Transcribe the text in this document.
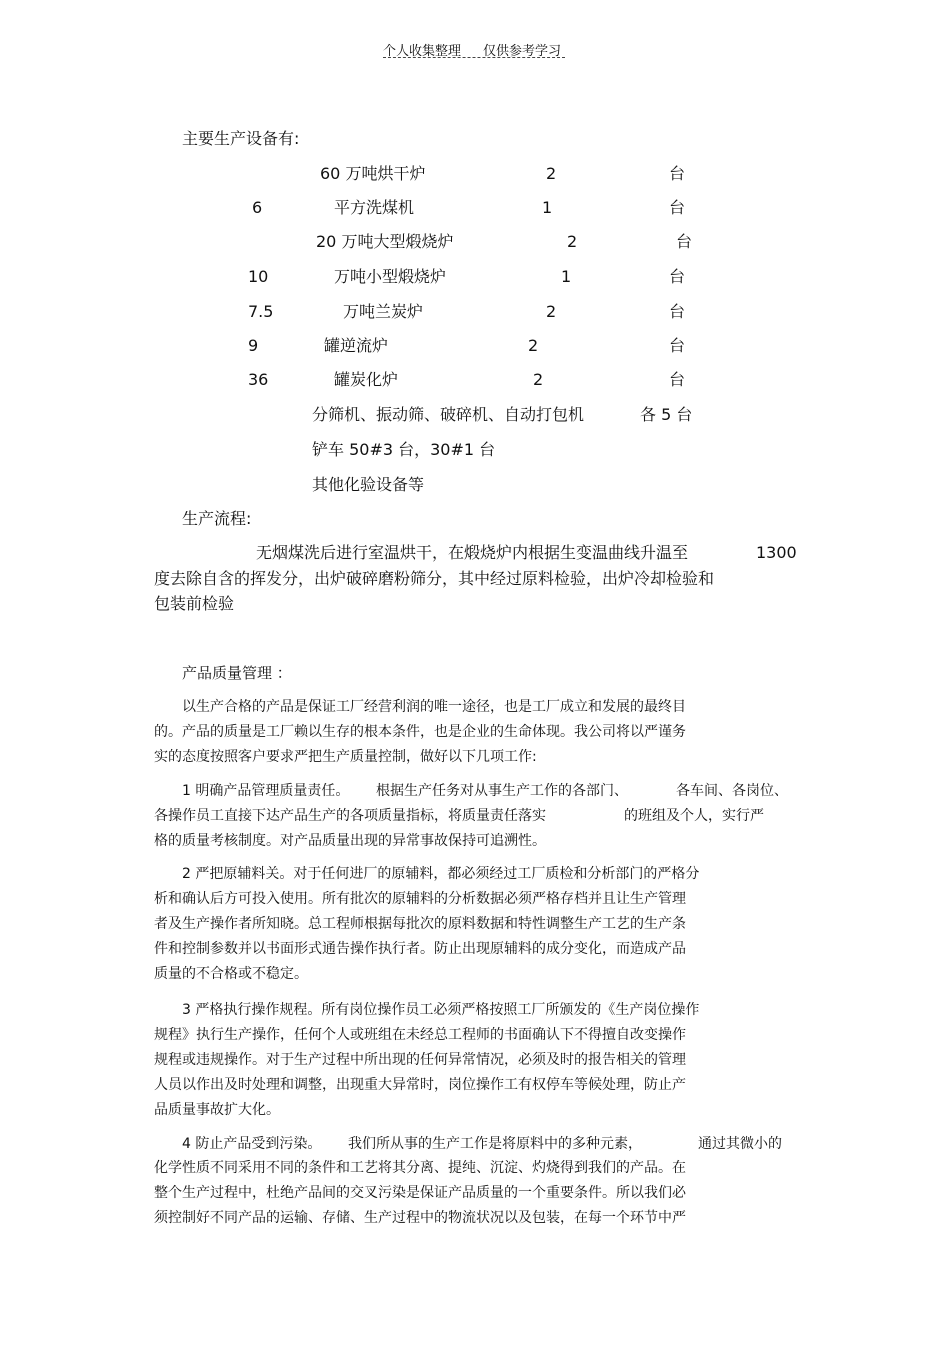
个人收集整理 仅供参考学习
主要生产设备有:
60 万吨烘干炉	2	台
6	平方洗煤机	1	台
20 万吨大型煅烧炉	2	台
10	万吨小型煅烧炉	1	台
7.5	万吨兰炭炉	2	台
9	罐逆流炉	2	台
36	罐炭化炉	2	台
分筛机、振动筛、破碎机、自动打包机	各 5 台
铲车 50#3 台，30#1 台
其他化验设备等
生产流程:
无烟煤洗后进行室温烘干，在煅烧炉内根据生变温曲线升温至	1300
度去除自含的挥发分，出炉破碎磨粉筛分，其中经过原料检验，出炉冷却检验和
包装前检验
产品质量管理 ：
以生产合格的产品是保证工厂经营利润的唯一途径，也是工厂成立和发展的最终目
的。产品的质量是工厂赖以生存的根本条件，也是企业的生命体现。我公司将以严谨务
实的态度按照客户要求严把生产质量控制，做好以下几项工作:
1 明确产品管理质量责任。 根据生产任务对从事生产工作的各部门、	各车间、各岗位、
各操作员工直接下达产品生产的各项质量指标，将质量责任落实	的班组及个人，实行严
格的质量考核制度。对产品质量出现的异常事故保持可追溯性。
2 严把原辅料关。对于任何进厂的原辅料，都必须经过工厂质检和分析部门的严格分
析和确认后方可投入使用。所有批次的原辅料的分析数据必须严格存档并且让生产管理
者及生产操作者所知晓。总工程师根据每批次的原料数据和特性调整生产工艺的生产条
件和控制参数并以书面形式通告操作执行者。防止出现原辅料的成分变化，而造成产品
质量的不合格或不稳定。
3 严格执行操作规程。所有岗位操作员工必须严格按照工厂所颁发的《生产岗位操作
规程》执行生产操作，任何个人或班组在未经总工程师的书面确认下不得擅自改变操作
规程或违规操作。对于生产过程中所出现的任何异常情况，必须及时的报告相关的管理
人员以作出及时处理和调整，出现重大异常时，岗位操作工有权停车等候处理，防止产
品质量事故扩大化。
4 防止产品受到污染。 我们所从事的生产工作是将原料中的多种元素，	通过其微小的
化学性质不同采用不同的条件和工艺将其分离、提纯、沉淀、灼烧得到我们的产品。在
整个生产过程中，杜绝产品间的交叉污染是保证产品质量的一个重要条件。所以我们必
须控制好不同产品的运输、存储、生产过程中的物流状况以及包装，在每一个环节中严
